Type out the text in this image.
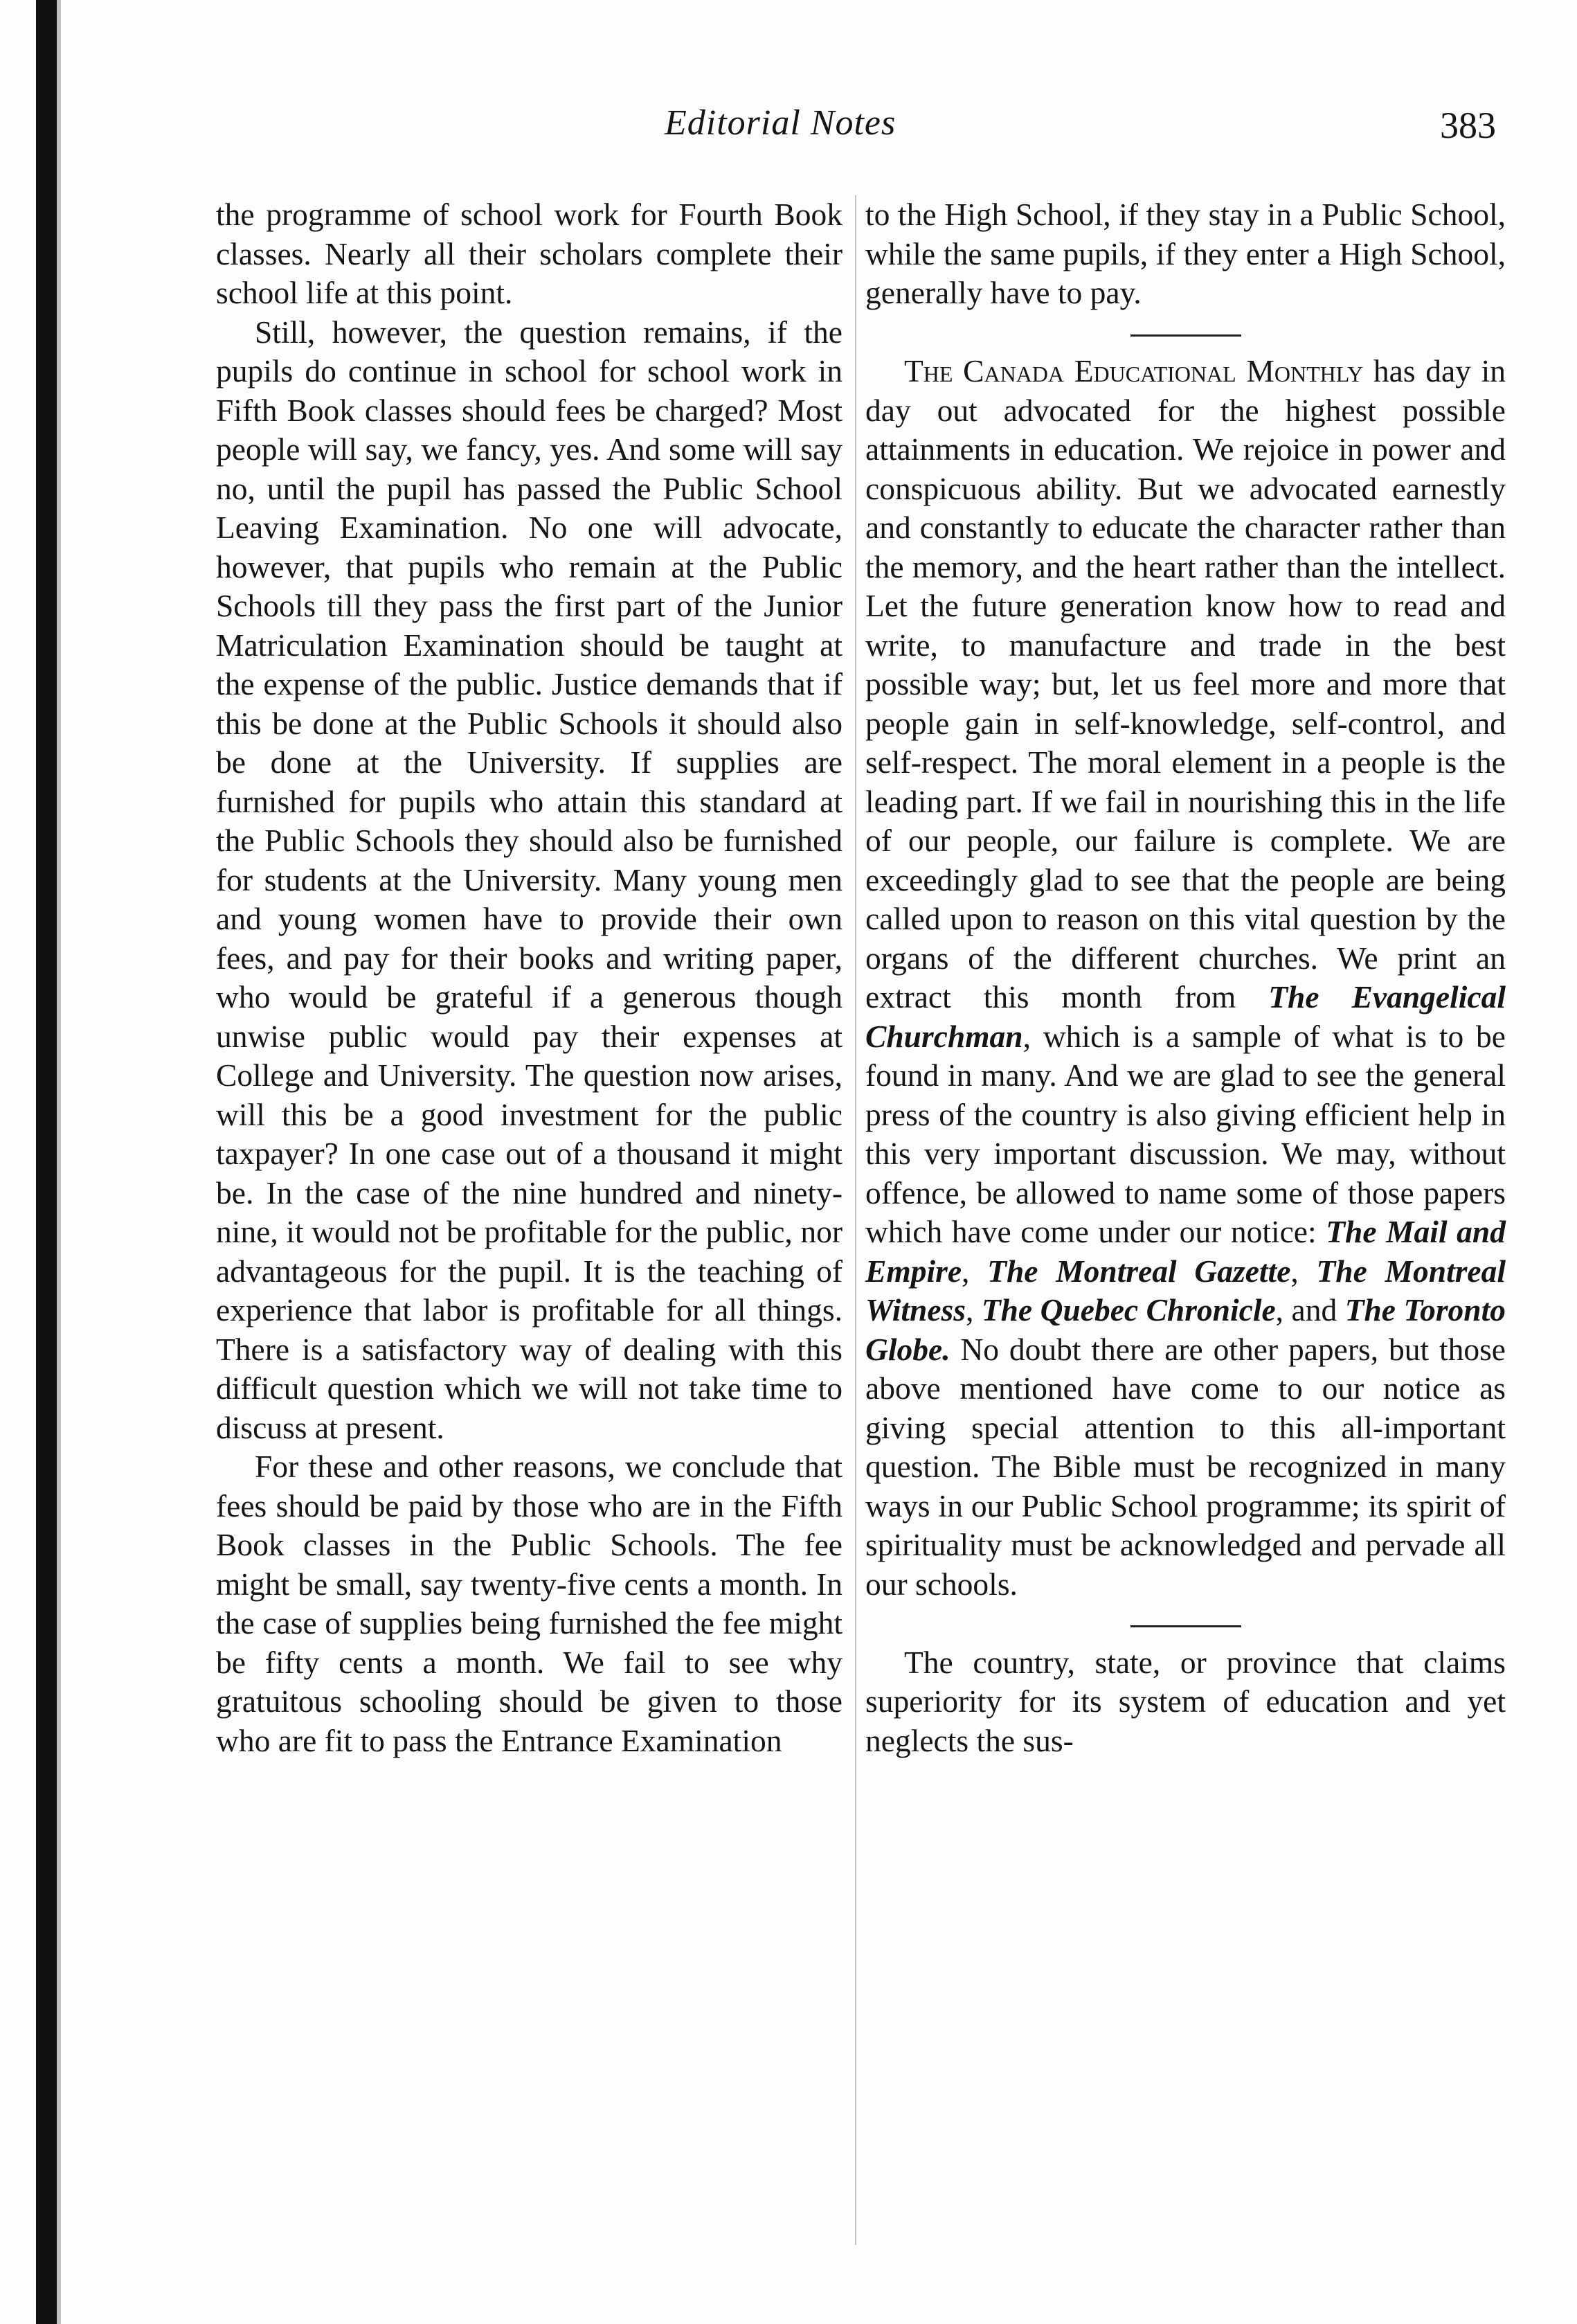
Editorial Notes	383

the programme of school work for Fourth Book classes. Nearly all their scholars complete their school life at this point.

Still, however, the question remains, if the pupils do continue in school for school work in Fifth Book classes should fees be charged? Most people will say, we fancy, yes. And some will say no, until the pupil has passed the Public School Leaving Examination. No one will advocate, however, that pupils who remain at the Public Schools till they pass the first part of the Junior Matriculation Examination should be taught at the expense of the public. Justice demands that if this be done at the Public Schools it should also be done at the University. If supplies are furnished for pupils who attain this standard at the Public Schools they should also be furnished for students at the University. Many young men and young women have to provide their own fees, and pay for their books and writing paper, who would be grateful if a generous though unwise public would pay their expenses at College and University. The question now arises, will this be a good investment for the public taxpayer? In one case out of a thousand it might be. In the case of the nine hundred and ninety-nine, it would not be profitable for the public, nor advantageous for the pupil. It is the teaching of experience that labor is profitable for all things. There is a satisfactory way of dealing with this difficult question which we will not take time to discuss at present.

For these and other reasons, we conclude that fees should be paid by those who are in the Fifth Book classes in the Public Schools. The fee might be small, say twenty-five cents a month. In the case of supplies being furnished the fee might be fifty cents a month. We fail to see why gratuitous schooling should be given to those who are fit to pass the Entrance Examination

to the High School, if they stay in a Public School, while the same pupils, if they enter a High School, generally have to pay.

The Canada Educational Monthly has day in day out advocated for the highest possible attainments in education. We rejoice in power and conspicuous ability. But we advocated earnestly and constantly to educate the character rather than the memory, and the heart rather than the intellect. Let the future generation know how to read and write, to manufacture and trade in the best possible way; but, let us feel more and more that people gain in self-knowledge, self-control, and self-respect. The moral element in a people is the leading part. If we fail in nourishing this in the life of our people, our failure is complete. We are exceedingly glad to see that the people are being called upon to reason on this vital question by the organs of the different churches. We print an extract this month from The Evangelical Churchman, which is a sample of what is to be found in many. And we are glad to see the general press of the country is also giving efficient help in this very important discussion. We may, without offence, be allowed to name some of those papers which have come under our notice: The Mail and Empire, The Montreal Gazette, The Montreal Witness, The Quebec Chronicle, and The Toronto Globe. No doubt there are other papers, but those above mentioned have come to our notice as giving special attention to this all-important question. The Bible must be recognized in many ways in our Public School programme; its spirit of spirituality must be acknowledged and pervade all our schools.

The country, state, or province that claims superiority for its system of education and yet neglects the sus-
